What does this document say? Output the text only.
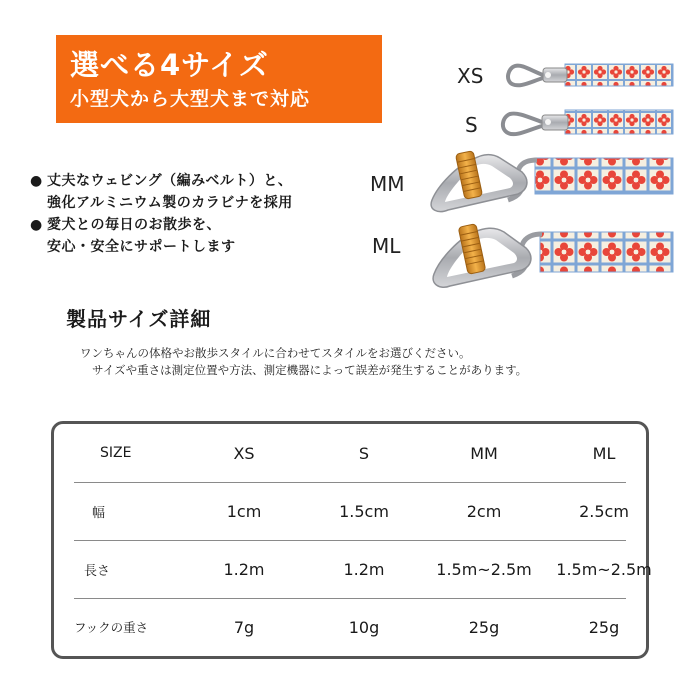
選べる4サイズ
小型犬から大型犬まで対応
● 丈夫なウェビング（編みベルト）と、
強化アルミニウム製のカラビナを採用
● 愛犬との毎日のお散歩を、
安心・安全にサポートします
XS
S
MM
ML
製品サイズ詳細
ワンちゃんの体格やお散歩スタイルに合わせてスタイルをお選びください。
サイズや重さは測定位置や方法、測定機器によって誤差が発生することがあります。
SIZE	XS	S	MM	ML
幅	1cm	1.5cm	2cm	2.5cm
長さ	1.2m	1.2m	1.5m~2.5m	1.5m~2.5m
フックの重さ	7g	10g	25g	25g
